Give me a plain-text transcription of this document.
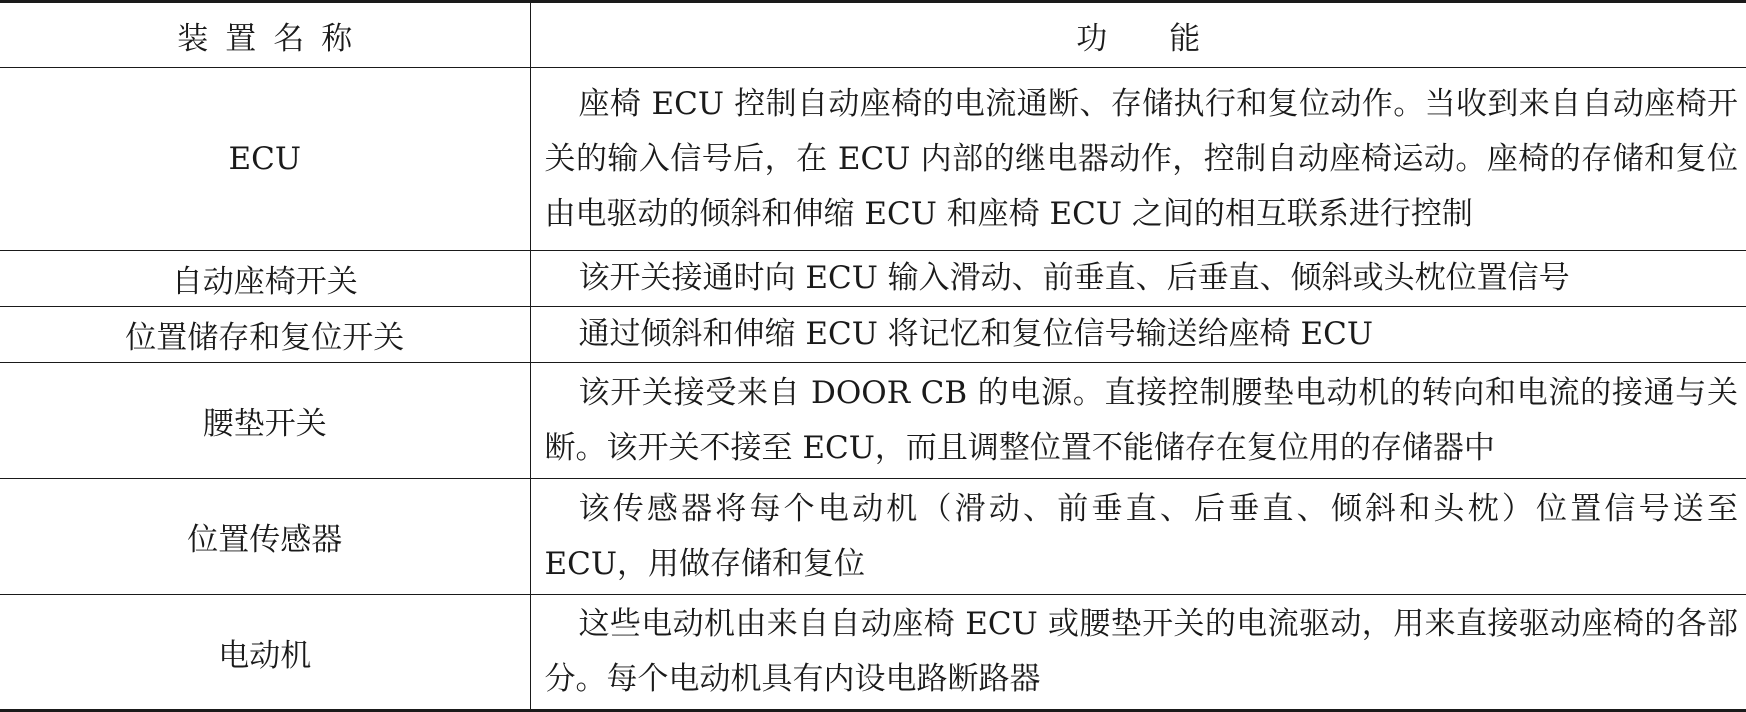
装置名称	功能
ECU	座椅 ECU 控制自动座椅的电流通断、存储执行和复位动作。当收到来自自动座椅开关的输入信号后，在 ECU 内部的继电器动作，控制自动座椅运动。座椅的存储和复位由电驱动的倾斜和伸缩 ECU 和座椅 ECU 之间的相互联系进行控制
自动座椅开关	该开关接通时向 ECU 输入滑动、前垂直、后垂直、倾斜或头枕位置信号
位置储存和复位开关	通过倾斜和伸缩 ECU 将记忆和复位信号输送给座椅 ECU
腰垫开关	该开关接受来自 DOOR CB 的电源。直接控制腰垫电动机的转向和电流的接通与关断。该开关不接至 ECU，而且调整位置不能储存在复位用的存储器中
位置传感器	该传感器将每个电动机（滑动、前垂直、后垂直、倾斜和头枕）位置信号送至 ECU，用做存储和复位
电动机	这些电动机由来自自动座椅 ECU 或腰垫开关的电流驱动，用来直接驱动座椅的各部分。每个电动机具有内设电路断路器
